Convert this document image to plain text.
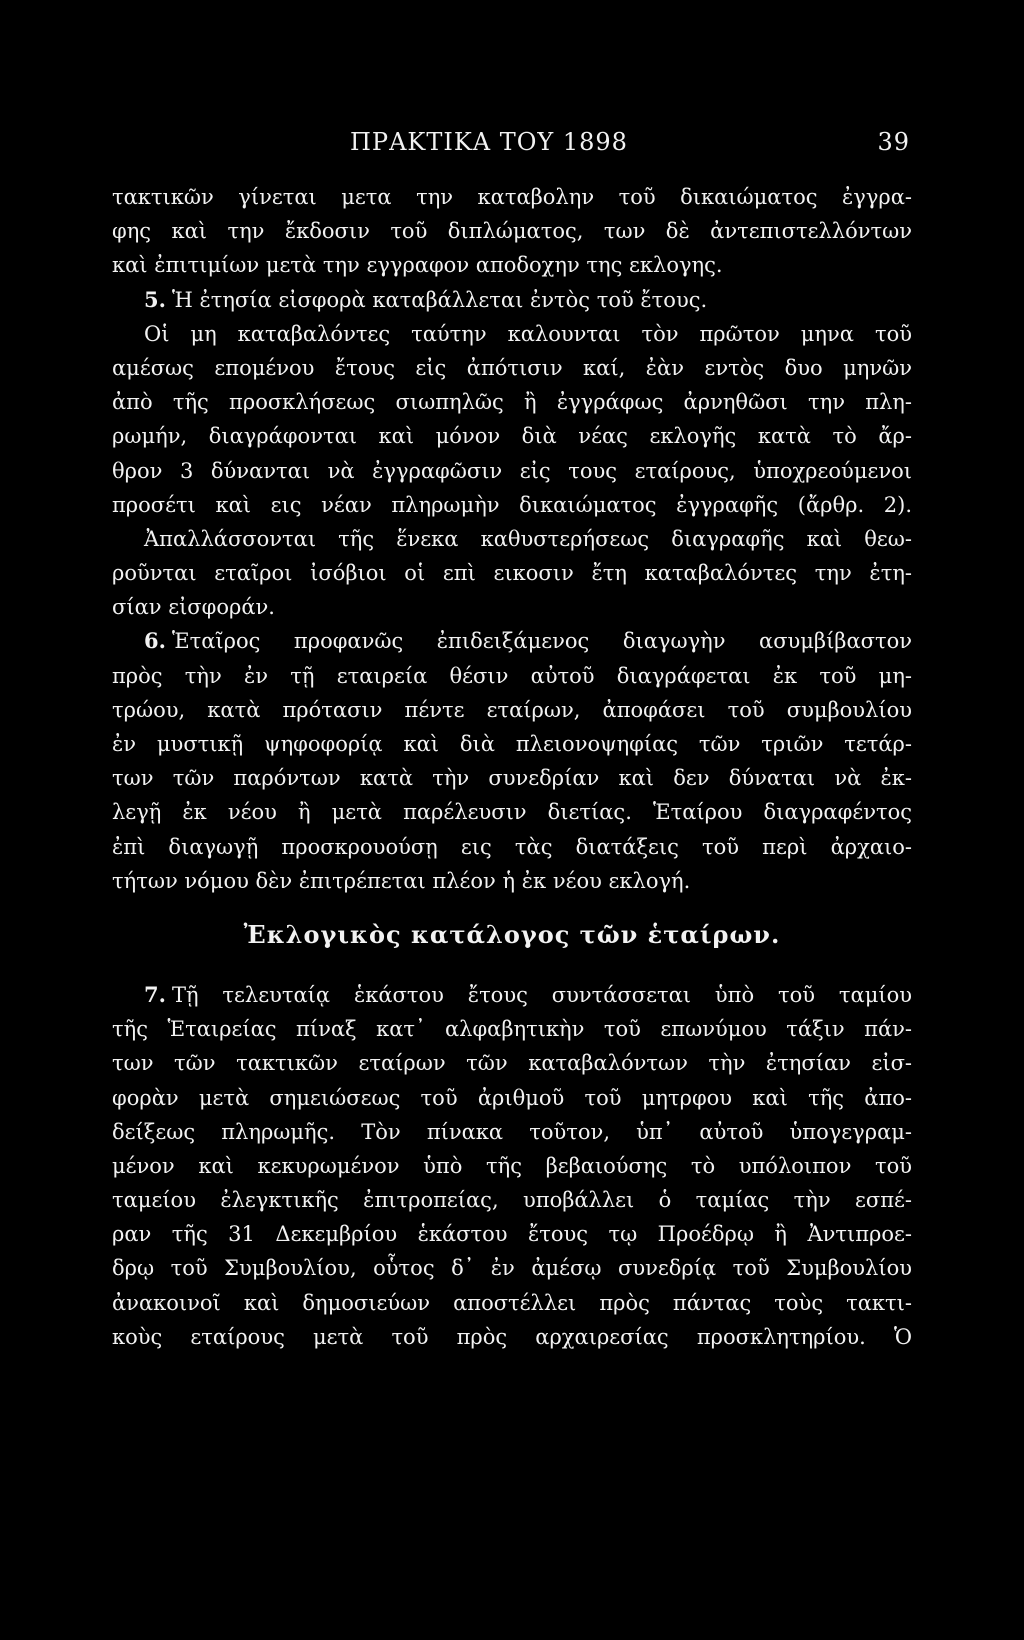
ΠΡΑΚΤΙΚΑ ΤΟΥ 1898	39
τακτικῶν γίνεται μετα την καταβολην τοῦ δικαιώματος ἐγγρα-
φης καὶ την ἔκδοσιν τοῦ διπλώματος, των δὲ ἀντεπιστελλόντων
καὶ ἐπιτιμίων μετὰ την εγγραφον αποδοχην της εκλογης.
5. Ἡ ἐτησία εἰσφορὰ καταβάλλεται ἐντὸς τοῦ ἔτους.
Οἱ μη καταβαλόντες ταύτην καλουνται τὸν πρῶτον μηνα τοῦ
αμέσως επομένου ἔτους εἰς ἀπότισιν καί, ἐὰν εντὸς δυο μηνῶν
ἀπὸ τῆς προσκλήσεως σιωπηλῶς ἢ ἐγγράφως ἀρνηθῶσι την πλη-
ρωμήν, διαγράφονται καὶ μόνον διὰ νέας εκλογῆς κατὰ τὸ ἄρ-
θρον 3 δύνανται νὰ ἐγγραφῶσιν εἰς τους εταίρους, ὑποχρεούμενοι
προσέτι καὶ εις νέαν πληρωμὴν δικαιώματος ἐγγραφῆς (ἄρθρ. 2).
Ἀπαλλάσσονται τῆς ἕνεκα καθυστερήσεως διαγραφῆς καὶ θεω-
ροῦνται εταῖροι ἰσόβιοι οἱ επὶ εικοσιν ἔτη καταβαλόντες την ἐτη-
σίαν εἰσφοράν.
6. Ἑταῖρος προφανῶς ἐπιδειξάμενος διαγωγὴν ασυμβίβαστον
πρὸς τὴν ἐν τῇ εταιρεία θέσιν αὐτοῦ διαγράφεται ἐκ τοῦ μη-
τρώου, κατὰ πρότασιν πέντε εταίρων, ἀποφάσει τοῦ συμβουλίου
ἐν μυστικῇ ψηφοφορίᾳ καὶ διὰ πλειονοψηφίας τῶν τριῶν τετάρ-
των τῶν παρόντων κατὰ τὴν συνεδρίαν καὶ δεν δύναται νὰ ἐκ-
λεγῇ ἐκ νέου ἢ μετὰ παρέλευσιν διετίας. Ἑταίρου διαγραφέντος
ἐπὶ διαγωγῇ προσκρουούσῃ εις τὰς διατάξεις τοῦ περὶ ἀρχαιο-
τήτων νόμου δὲν ἐπιτρέπεται πλέον ἡ ἐκ νέου εκλογή.
Ἐκλογικὸς κατάλογος τῶν ἑταίρων.
7. Τῇ τελευταίᾳ ἑκάστου ἔτους συντάσσεται ὑπὸ τοῦ ταμίου
τῆς Ἑταιρείας πίναξ κατ᾽ αλφαβητικὴν τοῦ επωνύμου τάξιν πάν-
των τῶν τακτικῶν εταίρων τῶν καταβαλόντων τὴν ἐτησίαν εἰσ-
φορὰν μετὰ σημειώσεως τοῦ ἀριθμοῦ τοῦ μητρφου καὶ τῆς ἀπο-
δείξεως πληρωμῆς. Τὸν πίνακα τοῦτον, ὑπ᾽ αὐτοῦ ὑπογεγραμ-
μένον καὶ κεκυρωμένον ὑπὸ τῆς βεβαιούσης τὸ υπόλοιπον τοῦ
ταμείου ἐλεγκτικῆς ἐπιτροπείας, υποβάλλει ὁ ταμίας τὴν εσπέ-
ραν τῆς 31 Δεκεμβρίου ἑκάστου ἔτους τῳ Προέδρῳ ἢ Ἀντιπροε-
δρῳ τοῦ Συμβουλίου, οὗτος δ᾽ ἐν ἀμέσῳ συνεδρίᾳ τοῦ Συμβουλίου
ἀνακοινοῖ καὶ δημοσιεύων αποστέλλει πρὸς πάντας τοὺς τακτι-
κοὺς εταίρους μετὰ τοῦ πρὸς αρχαιρεσίας προσκλητηρίου. Ὁ
